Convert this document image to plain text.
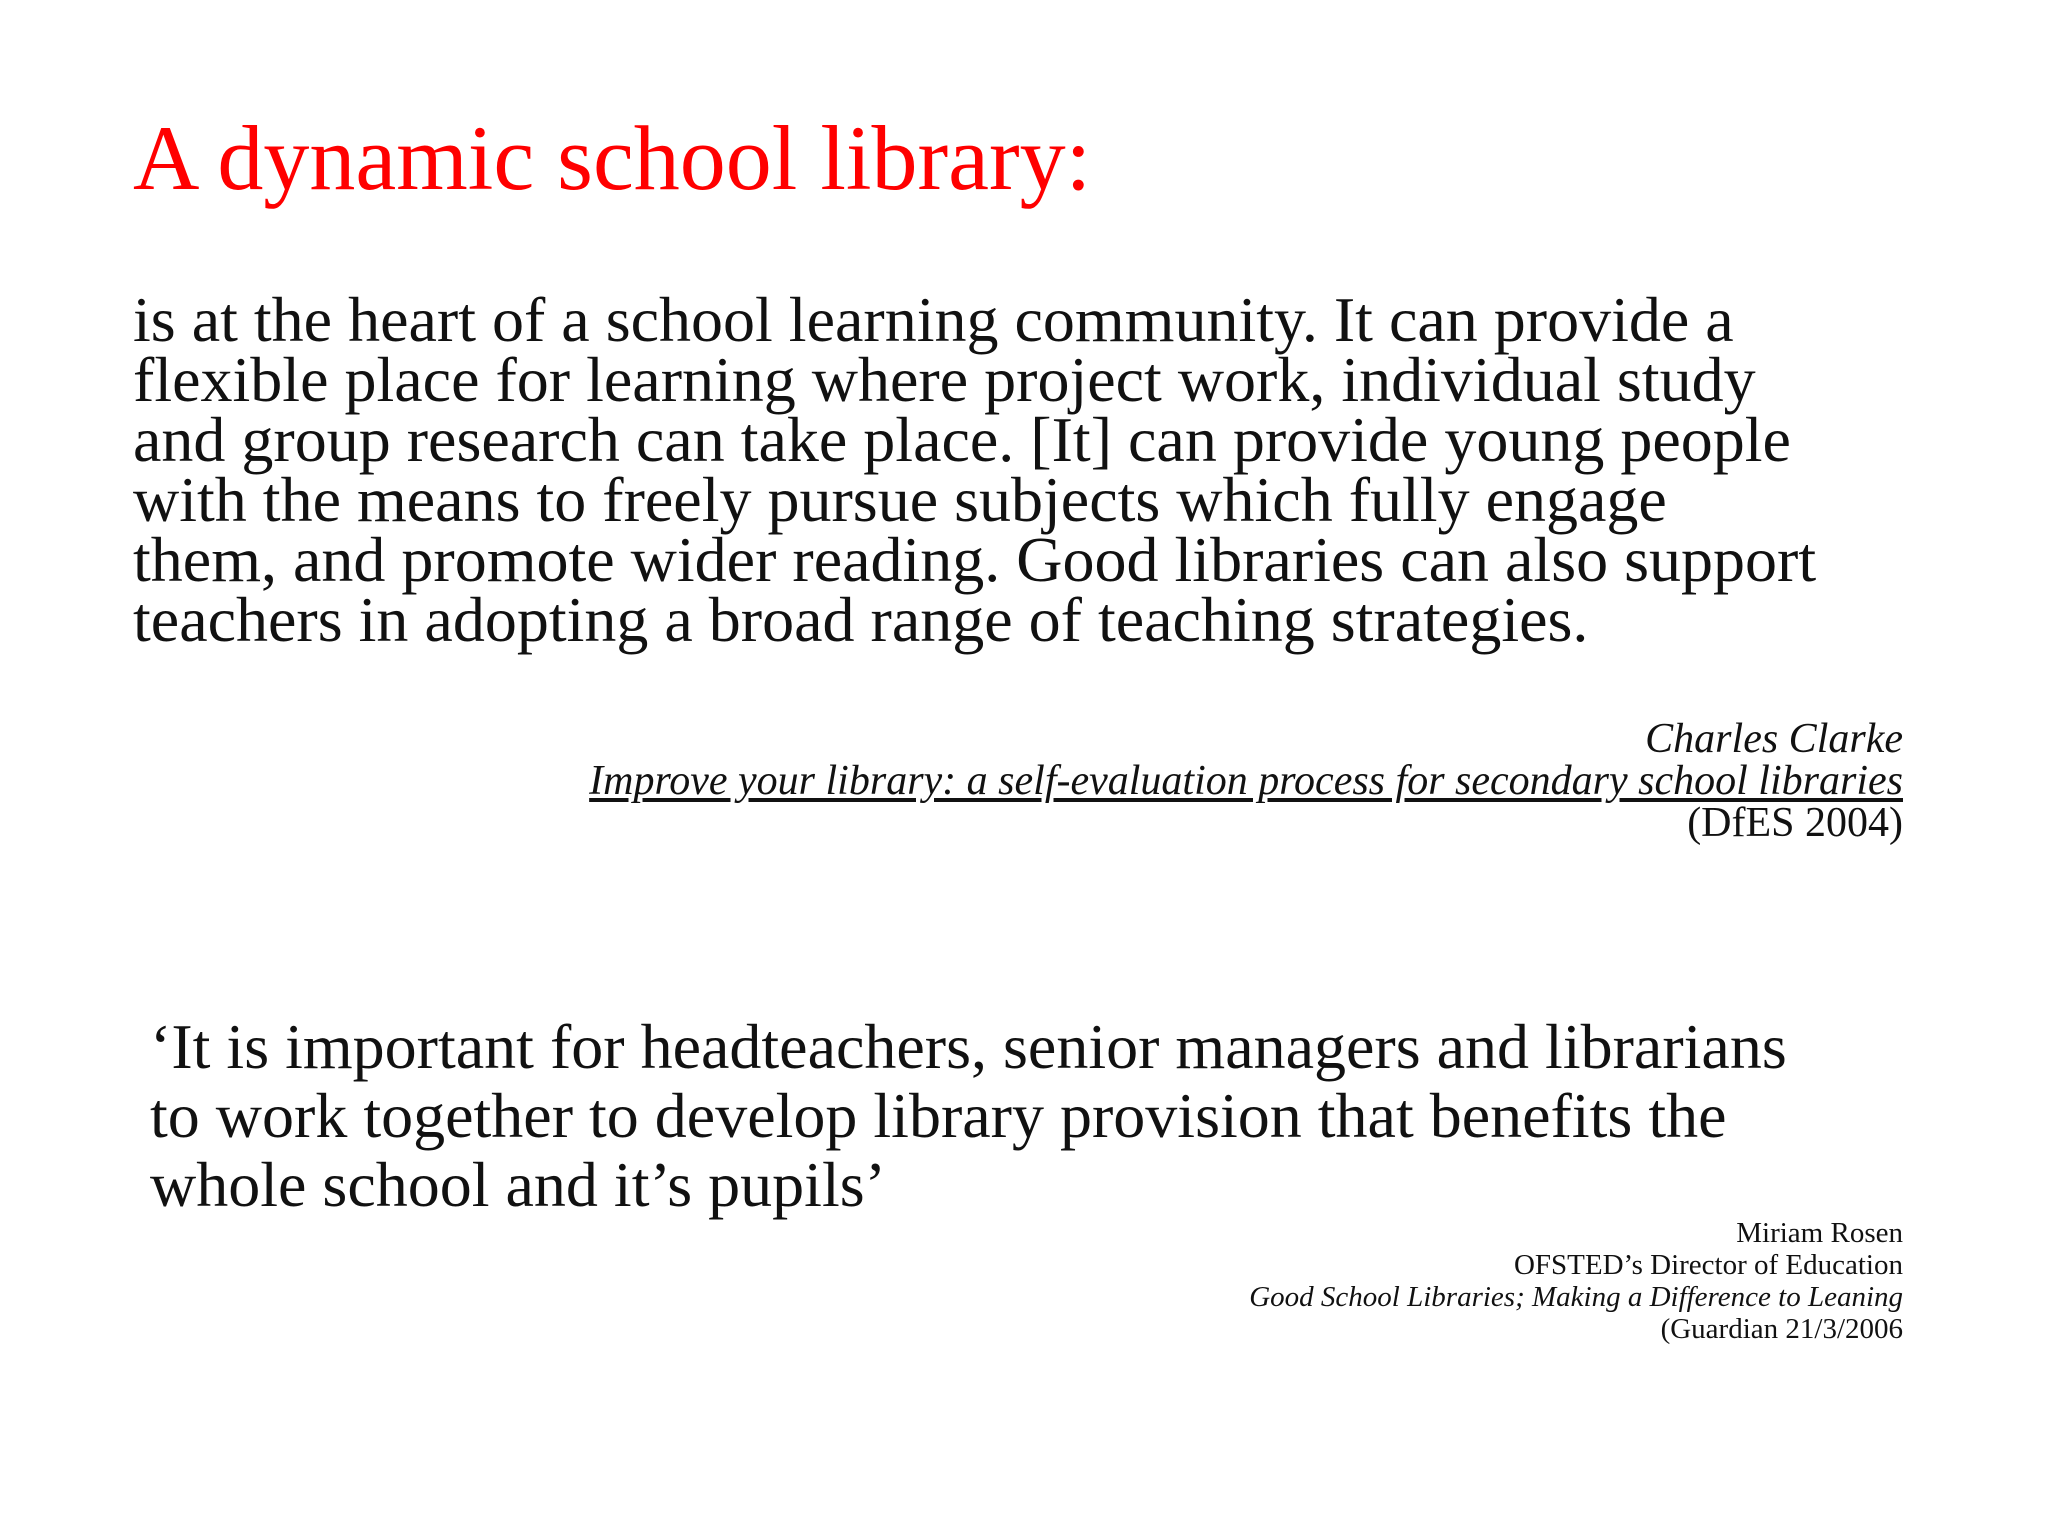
A dynamic school library:

is at the heart of a school learning community. It can provide a
flexible place for learning where project work, individual study
and group research can take place. [It] can provide young people
with the means to freely pursue subjects which fully engage
them, and promote wider reading. Good libraries can also support
teachers in adopting a broad range of teaching strategies.

Charles Clarke
Improve your library: a self-evaluation process for secondary school libraries
(DfES 2004)

‘It is important for headteachers, senior managers and librarians
to work together to develop library provision that benefits the
whole school and it’s pupils’

Miriam Rosen
OFSTED’s Director of Education
Good School Libraries; Making a Difference to Leaning
(Guardian 21/3/2006
